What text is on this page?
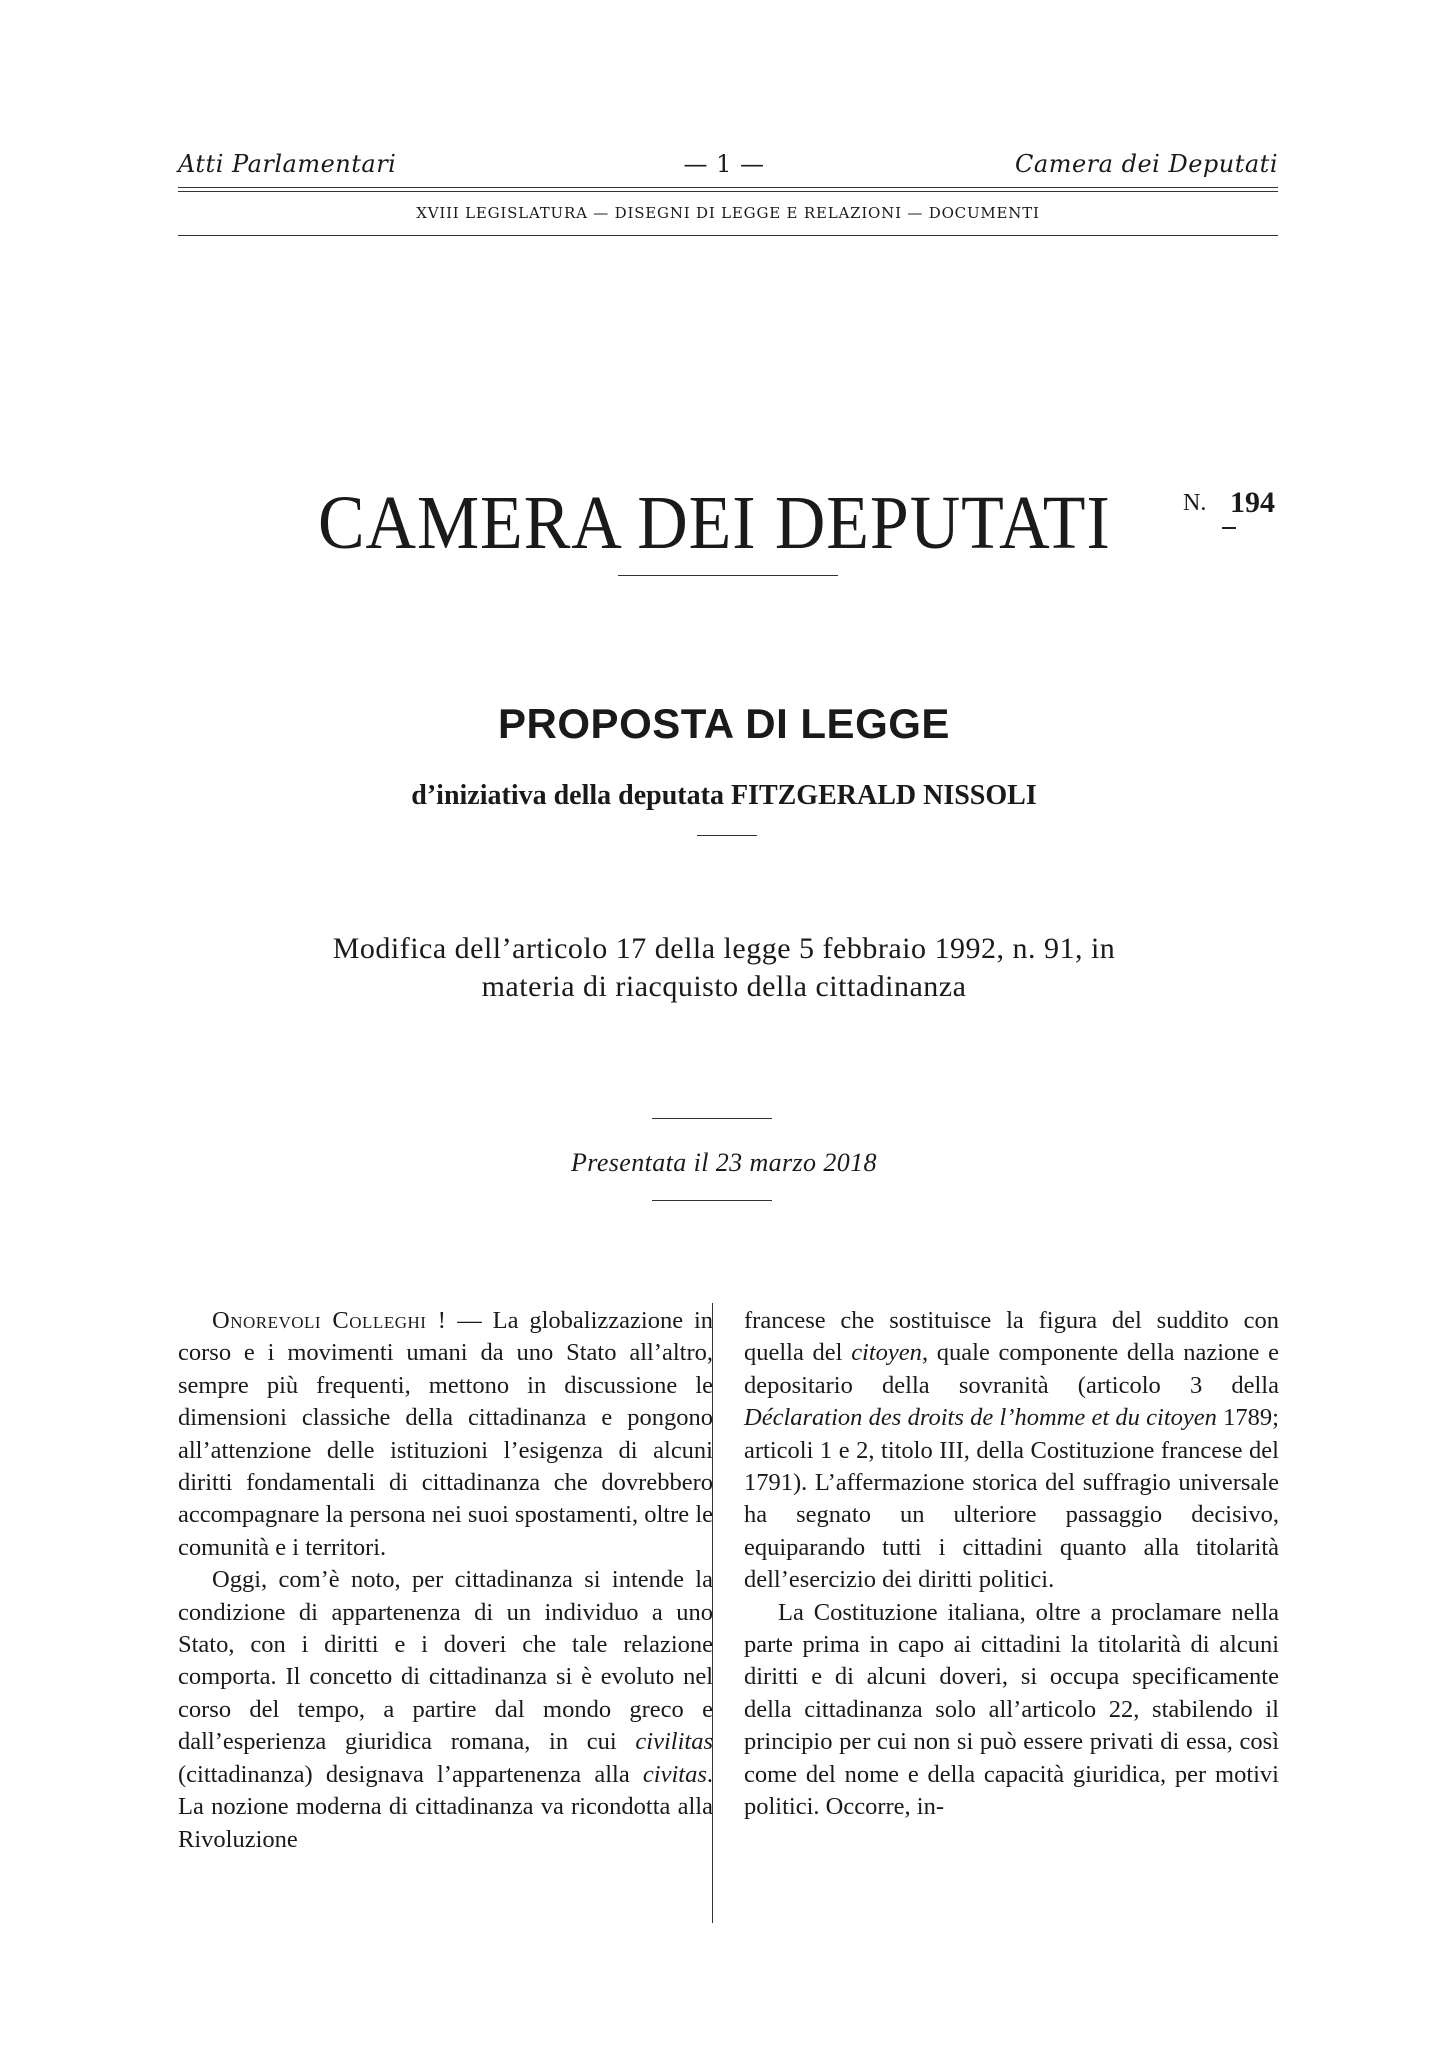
Atti Parlamentari	— 1 —	Camera dei Deputati
XVIII LEGISLATURA — DISEGNI DI LEGGE E RELAZIONI — DOCUMENTI
CAMERA DEI DEPUTATI	N. 194
PROPOSTA DI LEGGE
d’iniziativa della deputata FITZGERALD NISSOLI
Modifica dell’articolo 17 della legge 5 febbraio 1992, n. 91, in
materia di riacquisto della cittadinanza
Presentata il 23 marzo 2018

Onorevoli Colleghi ! — La globalizzazione in corso e i movimenti umani da uno Stato all’altro, sempre più frequenti, mettono in discussione le dimensioni classiche della cittadinanza e pongono all’attenzione delle istituzioni l’esigenza di alcuni diritti fondamentali di cittadinanza che dovrebbero accompagnare la persona nei suoi spostamenti, oltre le comunità e i territori.

Oggi, com’è noto, per cittadinanza si intende la condizione di appartenenza di un individuo a uno Stato, con i diritti e i doveri che tale relazione comporta. Il concetto di cittadinanza si è evoluto nel corso del tempo, a partire dal mondo greco e dall’esperienza giuridica romana, in cui civilitas (cittadinanza) designava l’appartenenza alla civitas. La nozione moderna di cittadinanza va ricondotta alla Rivoluzione

francese che sostituisce la figura del suddito con quella del citoyen, quale componente della nazione e depositario della sovranità (articolo 3 della Déclaration des droits de l’homme et du citoyen 1789; articoli 1 e 2, titolo III, della Costituzione francese del 1791). L’affermazione storica del suffragio universale ha segnato un ulteriore passaggio decisivo, equiparando tutti i cittadini quanto alla titolarità dell’esercizio dei diritti politici.

La Costituzione italiana, oltre a proclamare nella parte prima in capo ai cittadini la titolarità di alcuni diritti e di alcuni doveri, si occupa specificamente della cittadinanza solo all’articolo 22, stabilendo il principio per cui non si può essere privati di essa, così come del nome e della capacità giuridica, per motivi politici. Occorre, in-
